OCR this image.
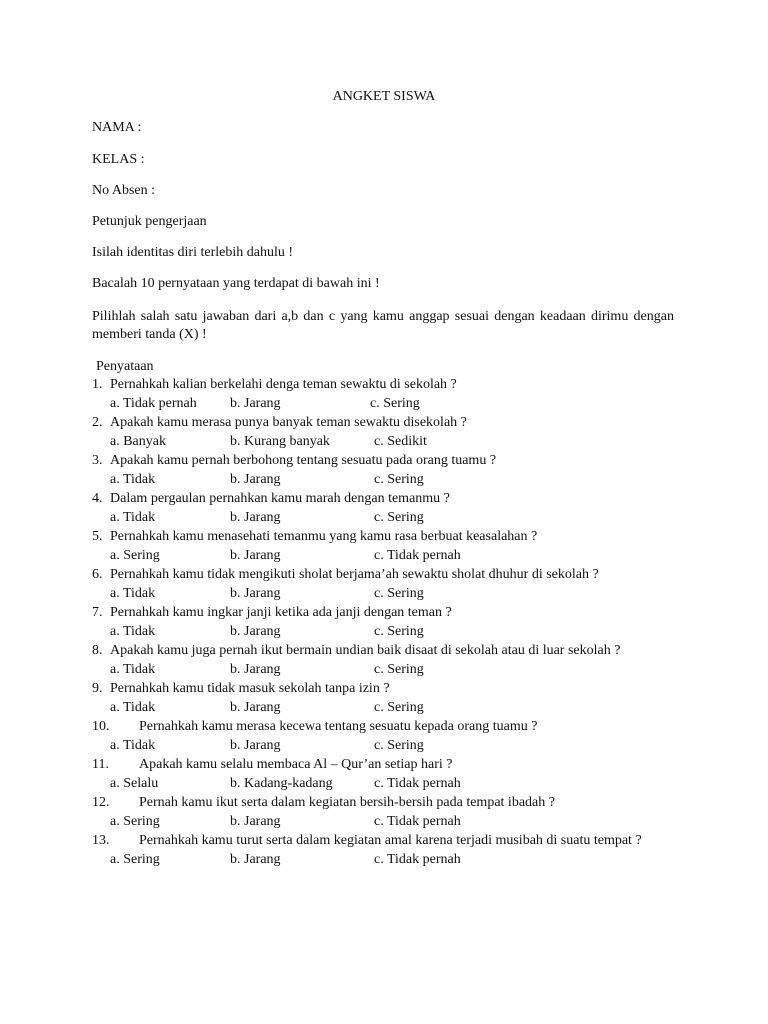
ANGKET SISWA
NAMA :
KELAS :
No Absen :
Petunjuk pengerjaan
Isilah identitas diri terlebih dahulu !
Bacalah 10 pernyataan yang terdapat di bawah ini !
Pilihlah salah satu jawaban dari a,b dan c yang kamu anggap sesuai dengan keadaan dirimu dengan memberi tanda (X) !
Penyataan
1. Pernahkah kalian berkelahi denga teman sewaktu di sekolah ?
a. Tidak pernah b. Jarang	c. Sering
2. Apakah kamu merasa punya banyak teman sewaktu disekolah ?
a. Banyak	b. Kurang banyak	c. Sedikit
3. Apakah kamu pernah berbohong tentang sesuatu pada orang tuamu ?
a. Tidak	b. Jarang	c. Sering
4. Dalam pergaulan pernahkan kamu marah dengan temanmu ?
a. Tidak	b. Jarang	c. Sering
5. Pernahkah kamu menasehati temanmu yang kamu rasa berbuat keasalahan ?
a. Sering	b. Jarang	c. Tidak pernah
6. Pernahkah kamu tidak mengikuti sholat berjama’ah sewaktu sholat dhuhur di sekolah ?
a. Tidak	b. Jarang	c. Sering
7. Pernahkah kamu ingkar janji ketika ada janji dengan teman ?
a. Tidak	b. Jarang	c. Sering
8. Apakah kamu juga pernah ikut bermain undian baik disaat di sekolah atau di luar sekolah ?
a. Tidak	b. Jarang	c. Sering
9. Pernahkah kamu tidak masuk sekolah tanpa izin ?
a. Tidak	b. Jarang	c. Sering
10. Pernahkah kamu merasa kecewa tentang sesuatu kepada orang tuamu ?
a. Tidak	b. Jarang	c. Sering
11. Apakah kamu selalu membaca Al – Qur’an setiap hari ?
a. Selalu	b. Kadang-kadang	c. Tidak pernah
12. Pernah kamu ikut serta dalam kegiatan bersih-bersih pada tempat ibadah ?
a. Sering	b. Jarang	c. Tidak pernah
13.	Pernahkah kamu turut serta dalam kegiatan amal karena terjadi musibah di suatu tempat ?
a. Sering	b. Jarang	c. Tidak pernah
